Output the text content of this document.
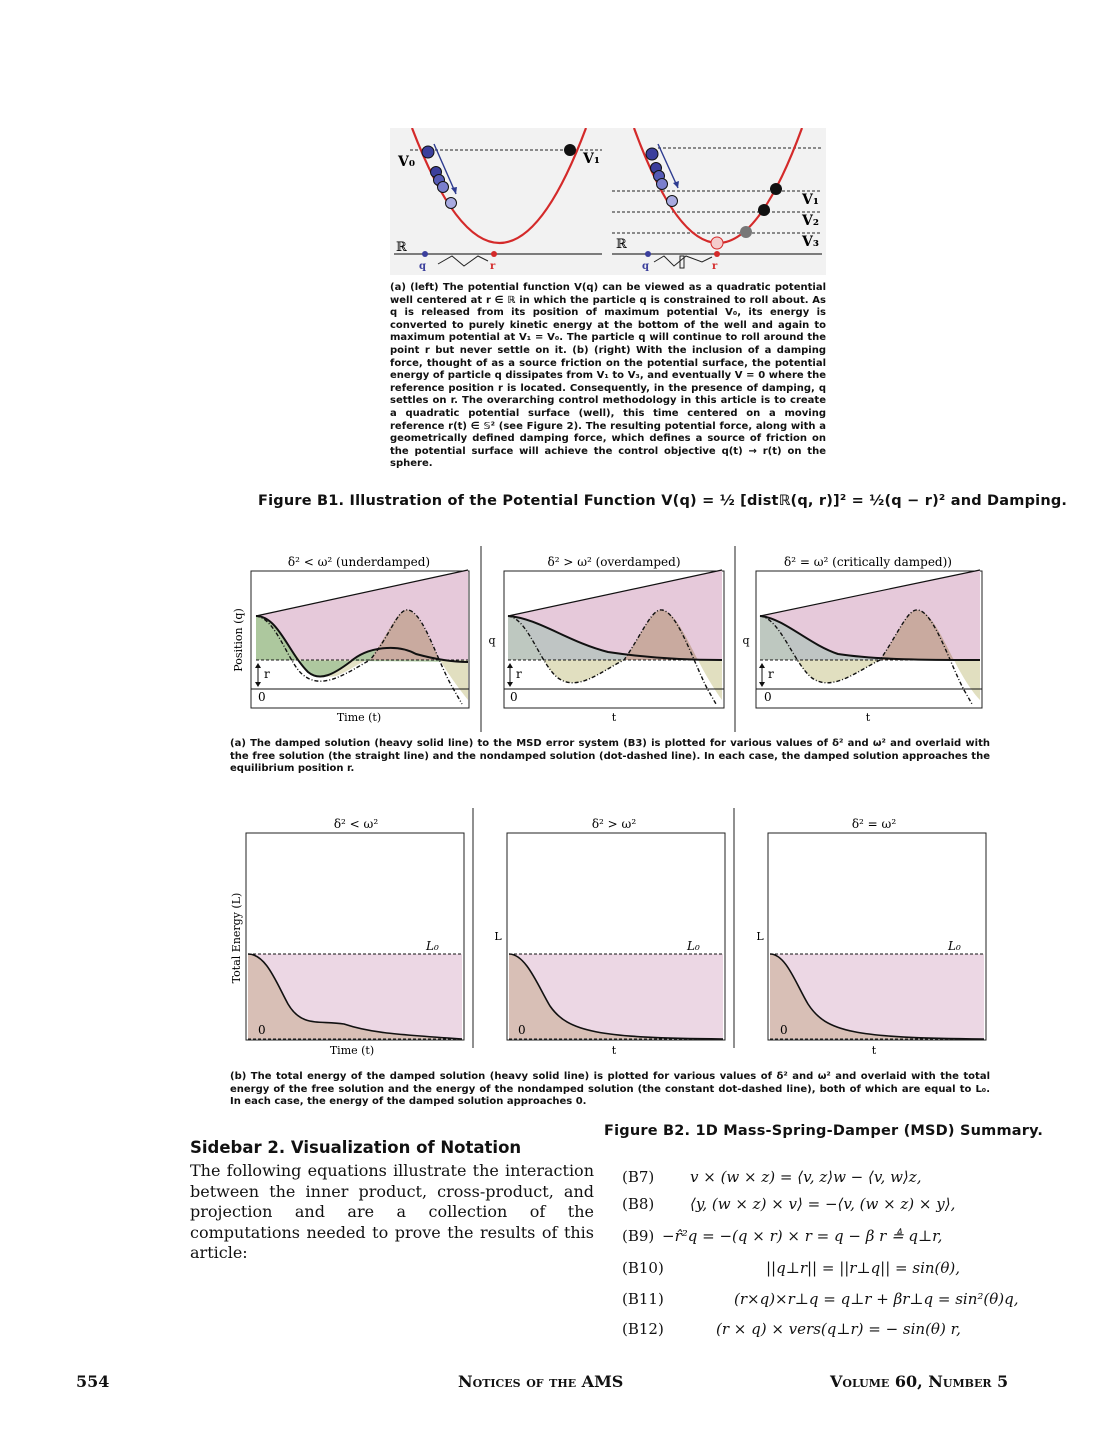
V₀	V₁
ℝ
q	r
V₁
V₂
V₃
ℝ
q	r
(a) (left) The potential function V(q) can be viewed as a quadratic potential well centered at r ∈ ℝ in which the particle q is constrained to roll about. As q is released from its position of maximum potential V₀, its energy is converted to purely kinetic energy at the bottom of the well and again to maximum potential at V₁ = V₀. The particle q will continue to roll around the point r but never settle on it. (b) (right) With the inclusion of a damping force, thought of as a source friction on the potential surface, the potential energy of particle q dissipates from V₁ to V₃, and eventually V = 0 where the reference position r is located. Consequently, in the presence of damping, q settles on r. The overarching control methodology in this article is to create a quadratic potential surface (well), this time centered on a moving reference r(t) ∈ 𝕊² (see Figure 2). The resulting potential force, along with a geometrically defined damping force, which defines a source of friction on the potential surface will achieve the control objective q(t) → r(t) on the sphere.
Figure B1. Illustration of the Potential Function V(q) = ½ [distℝ(q, r)]² = ½(q − r)² and Damping.
δ² < ω² (underdamped)
r
0
Time (t)
Position (q)
δ² > ω² (overdamped)
r
0
t
q
δ² = ω² (critically damped))
r
0
t
q
(a) The damped solution (heavy solid line) to the MSD error system (B3) is plotted for various values of δ² and ω² and overlaid with the free solution (the straight line) and the nondamped solution (dot-dashed line). In each case, the damped solution approaches the equilibrium position r.
δ² < ω²
L₀
0
Time (t)
Total Energy (L)
δ² > ω²
L₀
0
t
L
δ² = ω²
L₀
0
t
L
(b) The total energy of the damped solution (heavy solid line) is plotted for various values of δ² and ω² and overlaid with the total energy of the free solution and the energy of the nondamped solution (the constant dot-dashed line), both of which are equal to L₀. In each case, the energy of the damped solution approaches 0.
Figure B2. 1D Mass-Spring-Damper (MSD) Summary.
Sidebar 2. Visualization of Notation
The following equations illustrate the interaction between the inner product, cross-product, and projection and are a collection of the computations needed to prove the results of this article:
(B7) v × (w × z) = ⟨v, z⟩w − ⟨v, w⟩z,
(B8) ⟨y, (w × z) × v⟩ = −⟨v, (w × z) × y⟩,
(B9) −r̂²q = −(q × r) × r = q − β r ≜ q⊥r,
(B10)	||q⊥r|| = ||r⊥q|| = sin(θ),
(B11)	(r×q)×r⊥q = q⊥r + βr⊥q = sin²(θ)q,
(B12)	(r × q) × vers(q⊥r) = − sin(θ) r,
554	Notices of the AMS	Volume 60, Number 5
